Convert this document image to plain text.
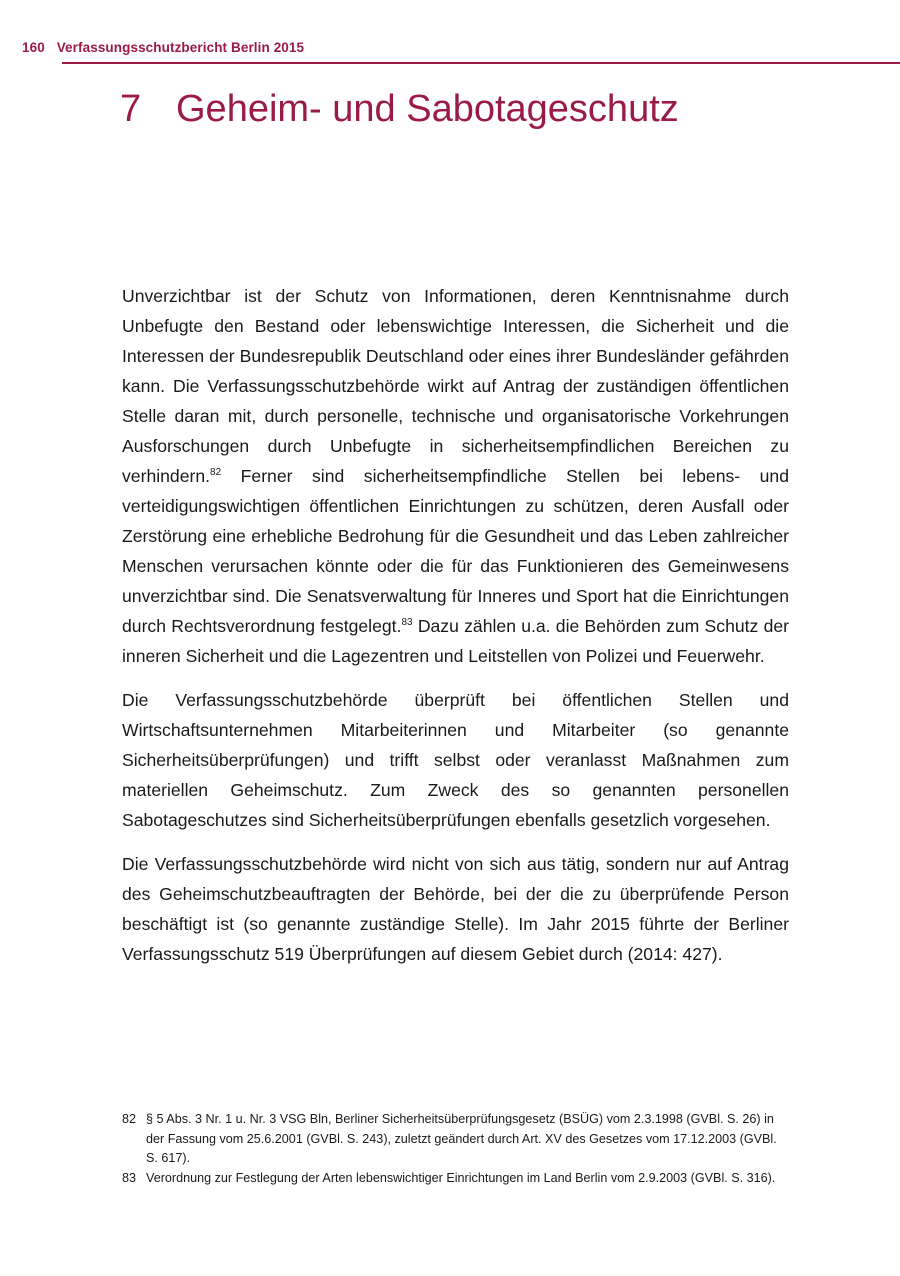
160 Verfassungsschutzbericht Berlin 2015
7 Geheim- und Sabotageschutz

Unverzichtbar ist der Schutz von Informationen, deren Kenntnisnahme durch Unbefugte den Bestand oder lebenswichtige Interessen, die Sicherheit und die Interessen der Bundesrepublik Deutschland oder eines ihrer Bundesländer gefährden kann. Die Verfassungsschutzbehörde wirkt auf Antrag der zuständigen öffentlichen Stelle daran mit, durch personelle, technische und organisatorische Vorkehrungen Ausforschungen durch Unbefugte in sicherheitsempfindlichen Bereichen zu verhindern.$^{82}$ Ferner sind sicherheitsempfindliche Stellen bei lebens- und verteidigungswichtigen öffentlichen Einrichtungen zu schützen, deren Ausfall oder Zerstörung eine erhebliche Bedrohung für die Gesundheit und das Leben zahlreicher Menschen verursachen könnte oder die für das Funktionieren des Gemeinwesens unverzichtbar sind. Die Senatsverwaltung für Inneres und Sport hat die Einrichtungen durch Rechtsverordnung festgelegt.$^{83}$ Dazu zählen u.a. die Behörden zum Schutz der inneren Sicherheit und die Lagezentren und Leitstellen von Polizei und Feuerwehr.

Die Verfassungsschutzbehörde überprüft bei öffentlichen Stellen und Wirtschaftsunternehmen Mitarbeiterinnen und Mitarbeiter (so genannte Sicherheitsüberprüfungen) und trifft selbst oder veranlasst Maßnahmen zum materiellen Geheimschutz. Zum Zweck des so genannten personellen Sabotageschutzes sind Sicherheitsüberprüfungen ebenfalls gesetzlich vorgesehen.

Die Verfassungsschutzbehörde wird nicht von sich aus tätig, sondern nur auf Antrag des Geheimschutzbeauftragten der Behörde, bei der die zu überprüfende Person beschäftigt ist (so genannte zuständige Stelle). Im Jahr 2015 führte der Berliner Verfassungsschutz 519 Überprüfungen auf diesem Gebiet durch (2014: 427).

82 § 5 Abs. 3 Nr. 1 u. Nr. 3 VSG Bln, Berliner Sicherheitsüberprüfungsgesetz (BSÜG) vom 2.3.1998 (GVBl. S. 26) in der Fassung vom 25.6.2001 (GVBl. S. 243), zuletzt geändert durch Art. XV des Gesetzes vom 17.12.2003 (GVBl. S. 617).
83 Verordnung zur Festlegung der Arten lebenswichtiger Einrichtungen im Land Berlin vom 2.9.2003 (GVBl. S. 316).
